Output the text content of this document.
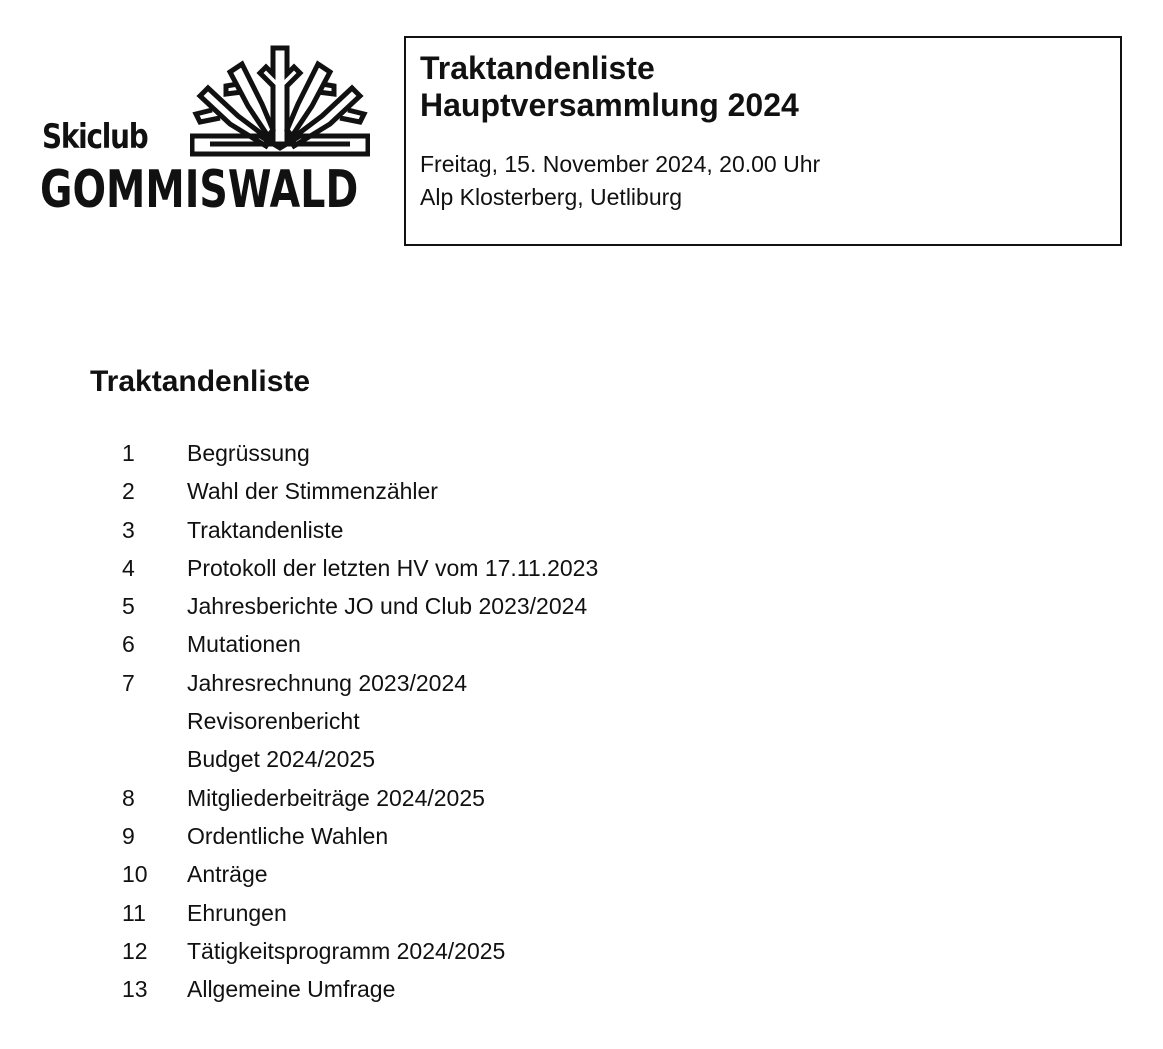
Skiclub
GOMMISWALD
Traktandenliste
Hauptversammlung 2024
Freitag, 15. November 2024, 20.00 Uhr
Alp Klosterberg, Uetliburg
Traktandenliste
1	Begrüssung
2	Wahl der Stimmenzähler
3	Traktandenliste
4	Protokoll der letzten HV vom 17.11.2023
5	Jahresberichte JO und Club 2023/2024
6	Mutationen
7	Jahresrechnung 2023/2024
Revisorenbericht
Budget 2024/2025
8	Mitgliederbeiträge 2024/2025
9	Ordentliche Wahlen
10	Anträge
11	Ehrungen
12	Tätigkeitsprogramm 2024/2025
13	Allgemeine Umfrage
